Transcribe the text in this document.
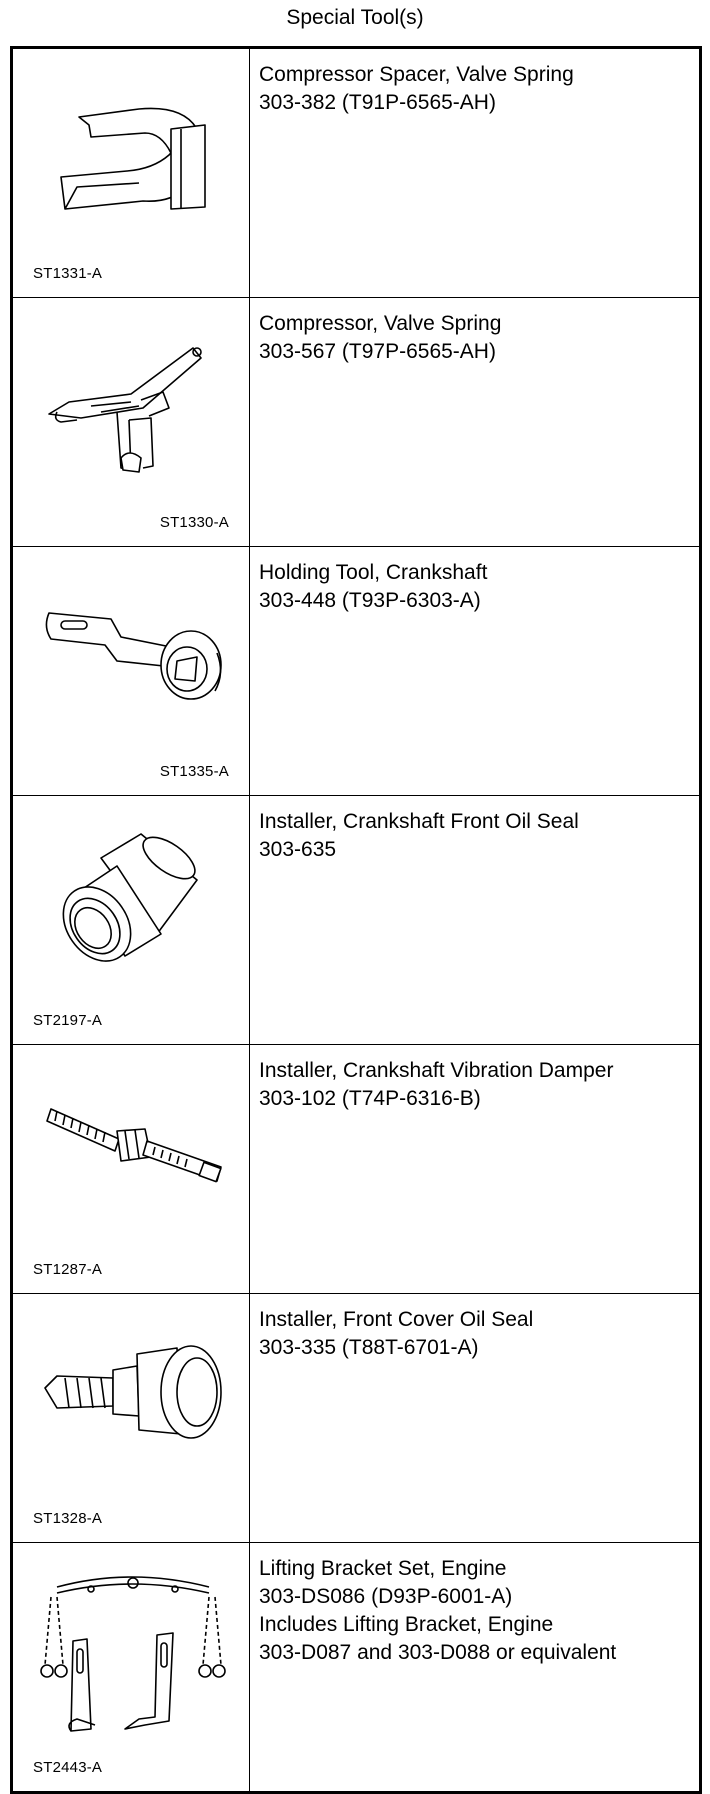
Special Tool(s)
ST1331-A	Compressor Spacer, Valve Spring
303-382 (T91P-6565-AH)

ST1330-A	Compressor, Valve Spring
303-567 (T97P-6565-AH)

ST1335-A	Holding Tool, Crankshaft
303-448 (T93P-6303-A)

ST2197-A	Installer, Crankshaft Front Oil Seal
303-635

ST1287-A	Installer, Crankshaft Vibration Damper
303-102 (T74P-6316-B)

ST1328-A	Installer, Front Cover Oil Seal
303-335 (T88T-6701-A)

ST2443-A	Lifting Bracket Set, Engine
303-DS086 (D93P-6001-A)
Includes Lifting Bracket, Engine
303-D087 and 303-D088 or equivalent
